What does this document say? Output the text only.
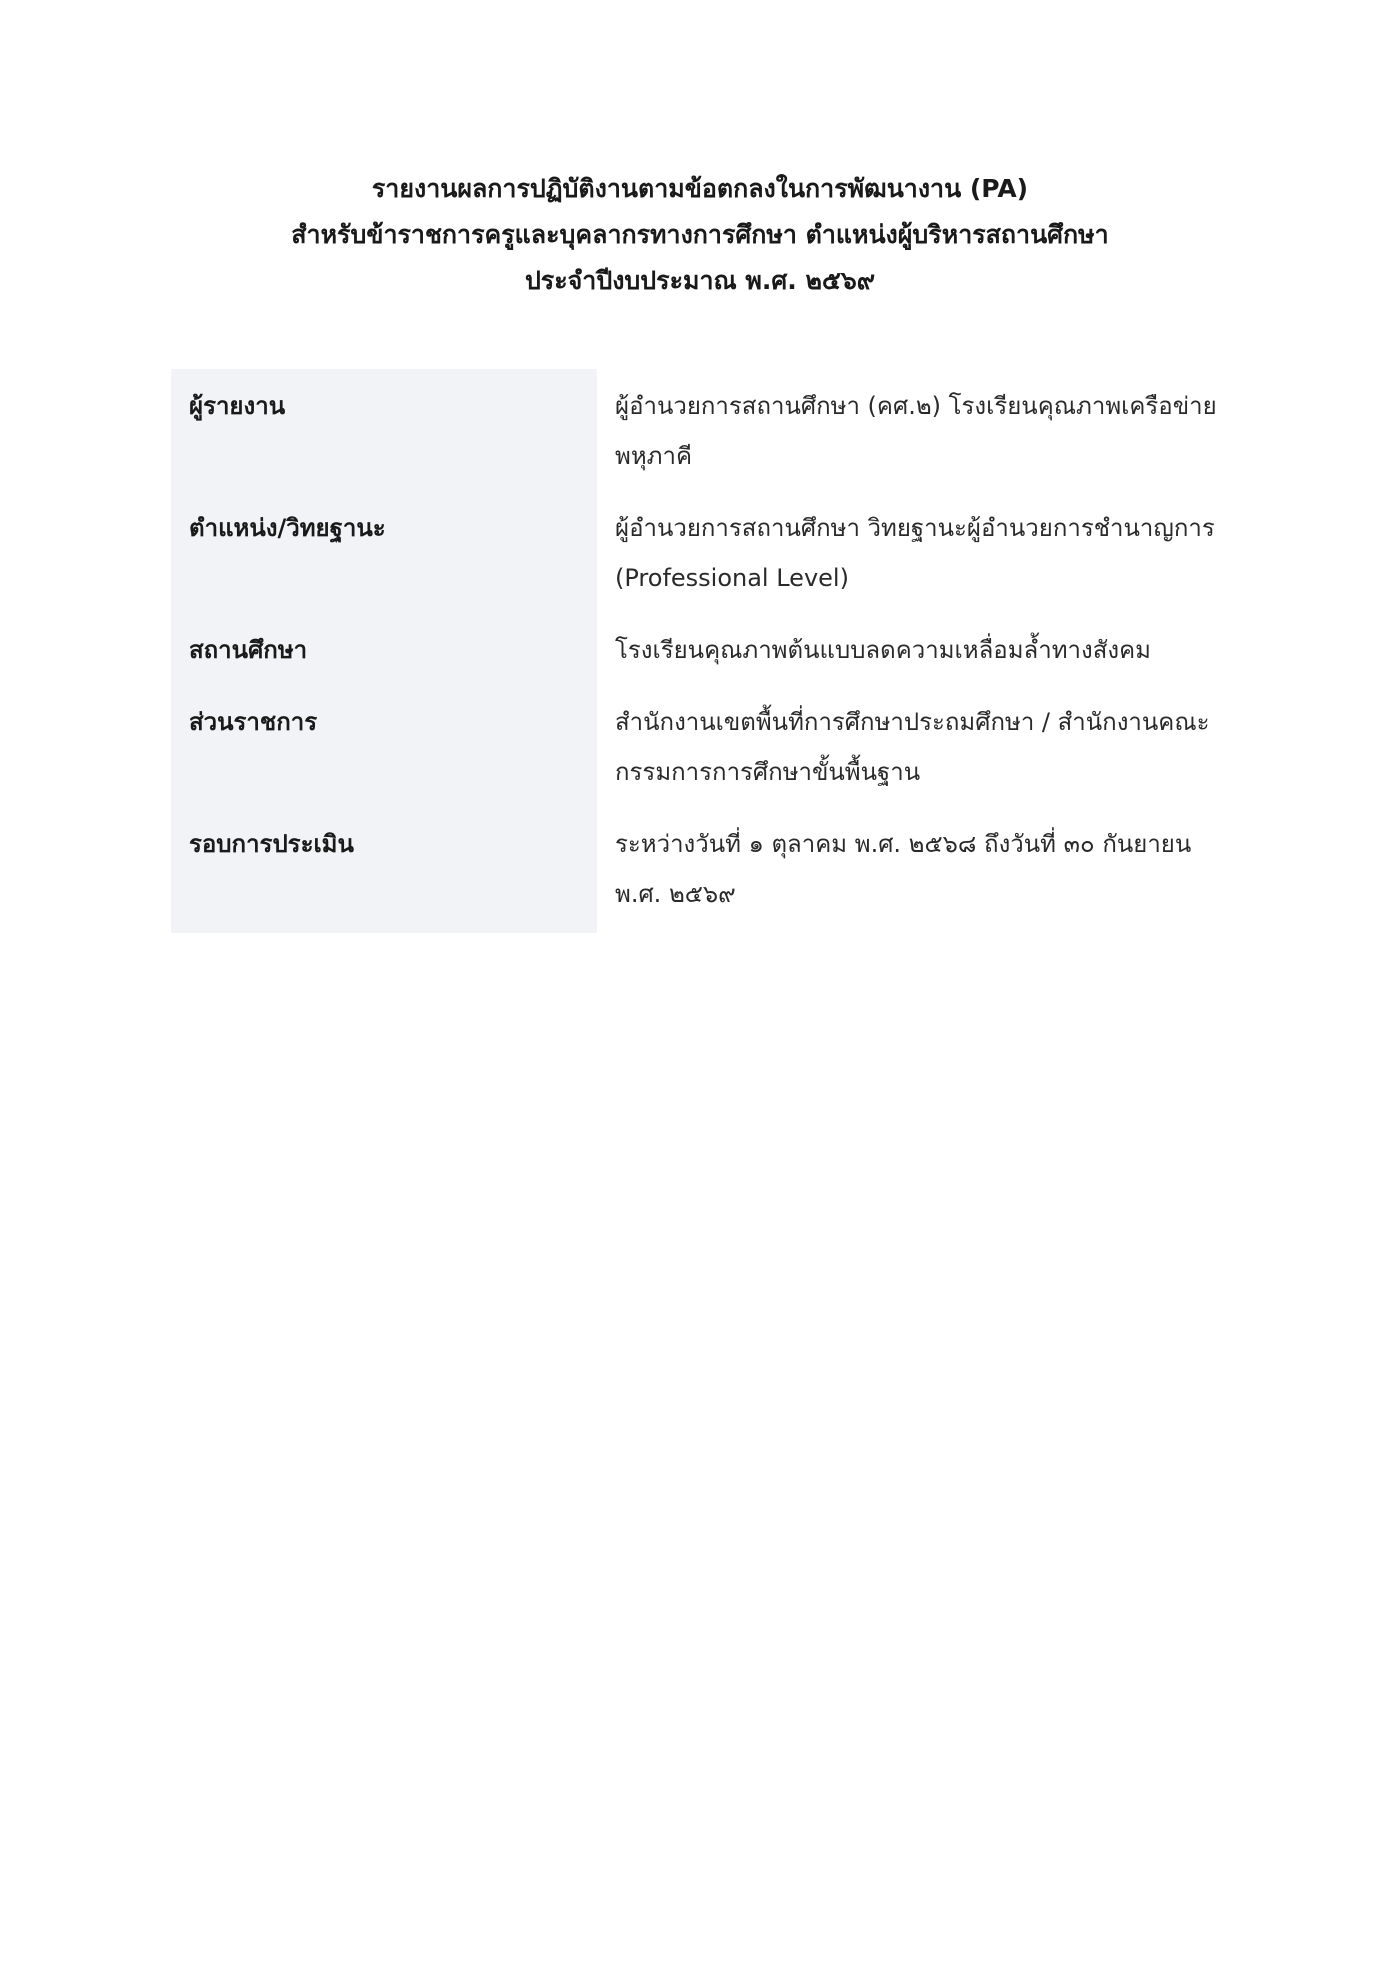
รายงานผลการปฏิบัติงานตามข้อตกลงในการพัฒนางาน (PA)
สำหรับข้าราชการครูและบุคลากรทางการศึกษา ตำแหน่งผู้บริหารสถานศึกษา
ประจำปีงบประมาณ พ.ศ. ๒๕๖๙
ผู้รายงาน	ผู้อำนวยการสถานศึกษา (คศ.๒) โรงเรียนคุณภาพเครือข่ายพหุภาคี
ตำแหน่ง/วิทยฐานะ	ผู้อำนวยการสถานศึกษา วิทยฐานะผู้อำนวยการชำนาญการ (Professional Level)
สถานศึกษา	โรงเรียนคุณภาพต้นแบบลดความเหลื่อมล้ำทางสังคม
ส่วนราชการ	สำนักงานเขตพื้นที่การศึกษาประถมศึกษา / สำนักงานคณะกรรมการการศึกษาขั้นพื้นฐาน
รอบการประเมิน	ระหว่างวันที่ ๑ ตุลาคม พ.ศ. ๒๕๖๘ ถึงวันที่ ๓๐ กันยายน พ.ศ. ๒๕๖๙
